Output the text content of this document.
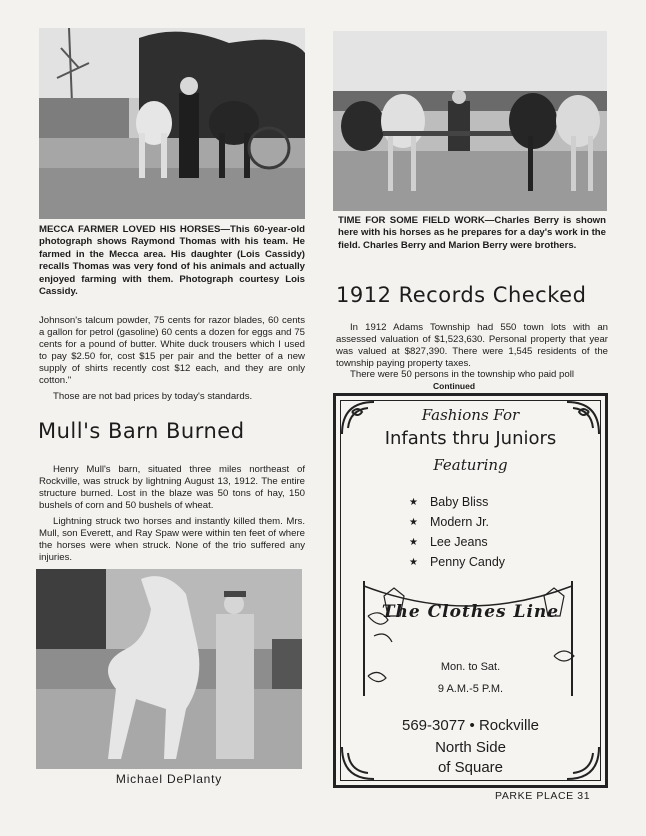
MECCA FARMER LOVED HIS HORSES—This 60-year-old photograph shows Raymond Thomas with his team. He farmed in the Mecca area. His daughter (Lois Cassidy) recalls Thomas was very fond of his animals and actually enjoyed farming with them. Photograph courtesy Lois Cassidy.

TIME FOR SOME FIELD WORK—Charles Berry is shown here with his horses as he prepares for a day's work in the field. Charles Berry and Marion Berry were brothers.

Johnson's talcum powder, 75 cents for razor blades, 60 cents a gallon for petrol (gasoline) 60 cents a dozen for eggs and 75 cents for a pound of butter. White duck trousers which I used to pay $2.50 for, cost $15 per pair and the better of a new supply of shirts recently cost $12 each, and they are only cotton."

Those are not bad prices by today's standards.

Mull's Barn Burned

Henry Mull's barn, situated three miles northeast of Rockville, was struck by lightning August 13, 1912. The entire structure burned. Lost in the blaze was 50 tons of hay, 150 bushels of corn and 50 bushels of wheat.

Lightning struck two horses and instantly killed them. Mrs. Mull, son Everett, and Ray Spaw were within ten feet of where the horses were when struck. None of the trio suffered any injuries.

Michael DePlanty
1912 Records Checked

In 1912 Adams Township had 550 town lots with an assessed valuation of $1,523,630. Personal property that year was valued at $827,390. There were 1,545 residents of the township paying property taxes.

There were 50 persons in the township who paid poll

Continued
Fashions For
Infants thru Juniors
Featuring
★ Baby Bliss
★ Modern Jr.
★ Lee Jeans
★ Penny Candy
The Clothes Line
Mon. to Sat.
9 A.M.-5 P.M.
569-3077 • Rockville
North Side
of Square
PARKE PLACE 31
